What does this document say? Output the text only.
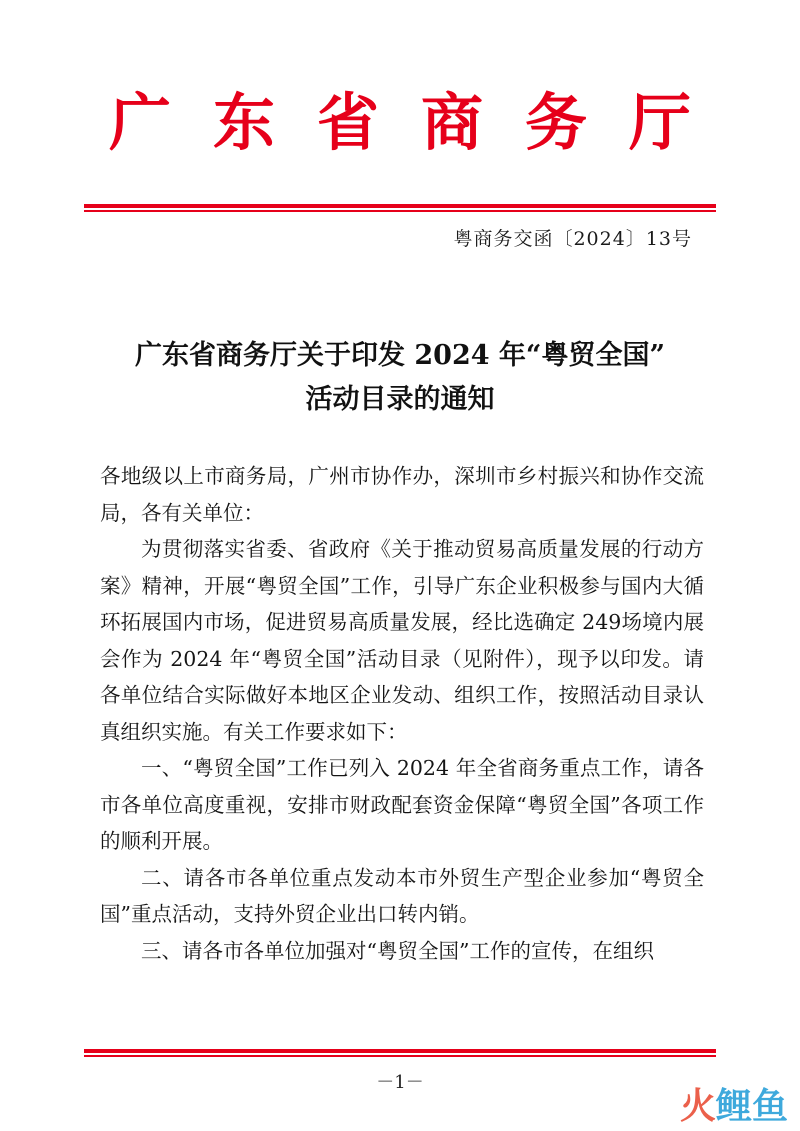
广东省商务厅
粤商务交函〔2024〕13号
广东省商务厅关于印发 2024 年“粤贸全国”
活动目录的通知

各地级以上市商务局，广州市协作办，深圳市乡村振兴和协作交流局，各有关单位：

为贯彻落实省委、省政府《关于推动贸易高质量发展的行动方案》精神，开展“粤贸全国”工作，引导广东企业积极参与国内大循环拓展国内市场，促进贸易高质量发展，经比选确定 249场境内展会作为 2024 年“粤贸全国”活动目录（见附件），现予以印发。请各单位结合实际做好本地区企业发动、组织工作，按照活动目录认真组织实施。有关工作要求如下：

一、“粤贸全国”工作已列入 2024 年全省商务重点工作，请各市各单位高度重视，安排市财政配套资金保障“粤贸全国”各项工作的顺利开展。

二、请各市各单位重点发动本市外贸生产型企业参加“粤贸全国”重点活动，支持外贸企业出口转内销。

三、请各市各单位加强对“粤贸全国”工作的宣传，在组织

－1－
火鲤鱼
